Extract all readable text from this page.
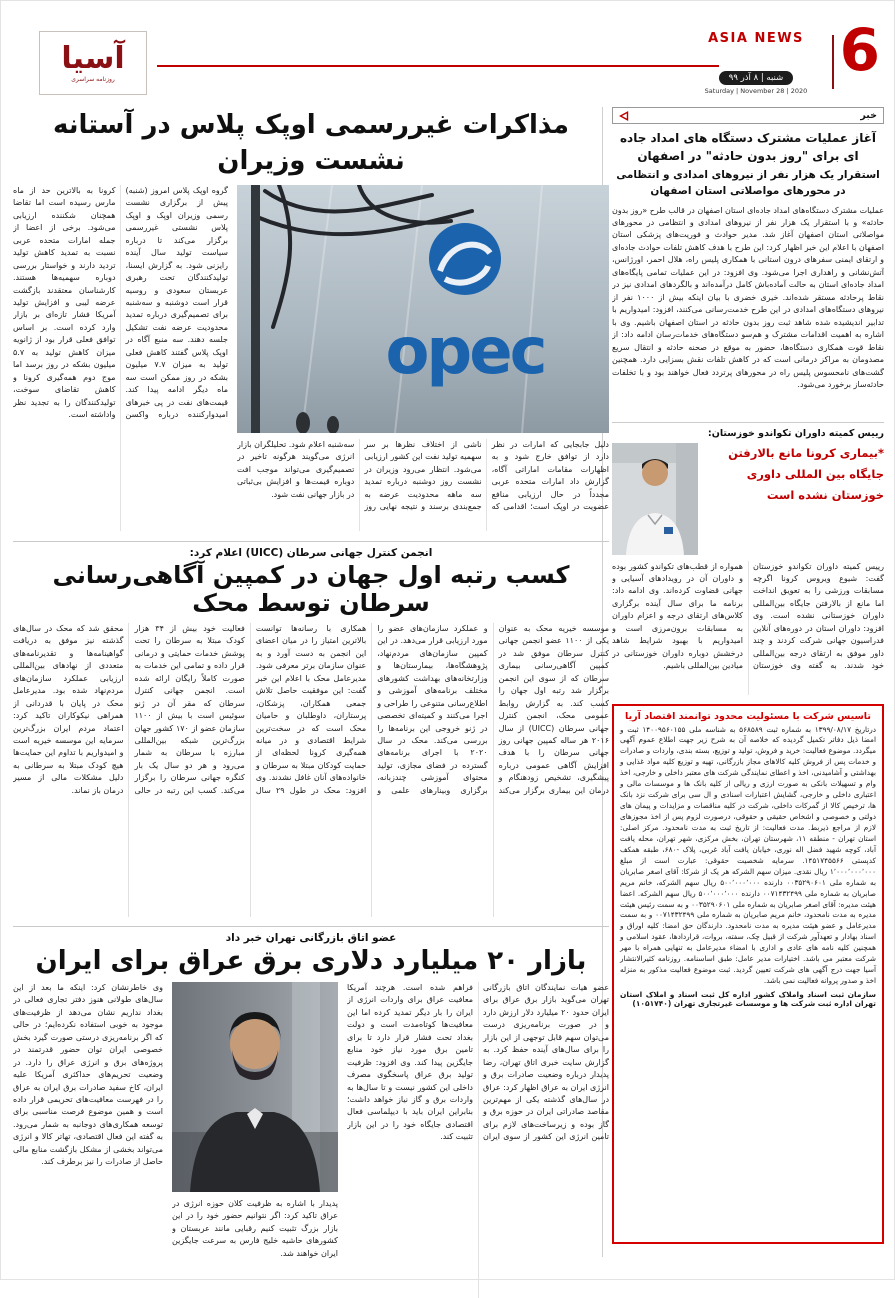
آسیا
روزنامه سراسری
ASIA NEWS

شنبه | ۸ آذر ۹۹
Saturday | November 28 | 2020
6
خبر
آغاز عملیات مشترک دستگاه های امداد جاده ای برای "روز بدون حادثه" در اصفهان
استقرار یک هزار نفر از نیروهای امدادی و انتظامی در محورهای مواصلاتی استان اصفهان

عملیات مشترک دستگاه‌های امداد جاده‌ای استان اصفهان در قالب طرح «روز بدون حادثه» و با استقرار یک هزار نفر از نیروهای امدادی و انتظامی در محورهای مواصلاتی استان اصفهان آغاز شد. مدیر حوادث و فوریت‌های پزشکی استان اصفهان با اعلام این خبر اظهار کرد: این طرح با هدف کاهش تلفات حوادث جاده‌ای و ارتقای ایمنی سفرهای درون استانی با همکاری پلیس راه، هلال احمر، اورژانس، آتش‌نشانی و راهداری اجرا می‌شود. وی افزود: در این عملیات تمامی پایگاه‌های امداد جاده‌ای استان به حالت آماده‌باش کامل درآمده‌اند و بالگردهای امدادی نیز در نقاط پرحادثه مستقر شده‌اند. خیری خضری با بیان اینکه بیش از ۱۰۰۰ نفر از نیروهای دستگاه‌های امدادی در این طرح خدمت‌رسانی می‌کنند، افزود: امیدواریم با تدابیر اندیشیده شده شاهد ثبت روز بدون حادثه در استان اصفهان باشیم. وی با اشاره به اهمیت اقدامات مشترک و هم‌سو دستگاه‌های خدمات‌رسان ادامه داد: از نقاط قوت همکاری دستگاه‌ها، حضور به موقع در صحنه حادثه و انتقال سریع مصدومان به مراکز درمانی است که در کاهش تلفات نقش بسزایی دارد. همچنین گشت‌های نامحسوس پلیس راه در محورهای پرتردد فعال خواهند بود و با تخلفات حادثه‌ساز برخورد می‌شود.

رییس کمیته داوران تکواندو خوزستان:
*بیماری کرونا مانع بالارفتن جایگاه بین المللی داوری خوزستان نشده است

رییس کمیته داوران تکواندو خوزستان گفت: شیوع ویروس کرونا اگرچه مسابقات ورزشی را به تعویق انداخت اما مانع از بالارفتن جایگاه بین‌المللی داوران خوزستانی نشده است. وی افزود: داوران استان در دوره‌های آنلاین فدراسیون جهانی شرکت کردند و چند داور موفق به ارتقای درجه بین‌المللی خود شدند. به گفته وی خوزستان همواره از قطب‌های تکواندو کشور بوده و داوران آن در رویدادهای آسیایی و جهانی قضاوت کرده‌اند. وی ادامه داد: برنامه ما برای سال آینده برگزاری کلاس‌های ارتقای درجه و اعزام داوران به مسابقات برون‌مرزی است و امیدواریم با بهبود شرایط شاهد درخشش دوباره داوران خوزستانی در میادین بین‌المللی باشیم.

تاسیس شرکت با مسئولیت محدود توانمند اقتصاد آریا

درتاریخ ۱۳۹۹/۰۸/۱۷ به شماره ثبت ۵۶۸۵۸۹ به شناسه ملی ۱۴۰۰۹۵۶۰۱۵۵ ثبت و امضا ذیل دفاتر تکمیل گردیده که خلاصه آن به شرح زیر جهت اطلاع عموم آگهی میگردد. موضوع فعالیت: خرید و فروش، تولید و توزیع، بسته بندی، واردات و صادرات و خدمات پس از فروش کلیه کالاهای مجاز بازرگانی، تهیه و توزیع کلیه مواد غذایی و بهداشتی و آشامیدنی، اخذ و اعطای نمایندگی شرکت های معتبر داخلی و خارجی، اخذ وام و تسهیلات بانکی به صورت ارزی و ریالی از کلیه بانک ها و موسسات مالی و اعتباری داخلی و خارجی، گشایش اعتبارات اسنادی و ال سی برای شرکت نزد بانک ها، ترخیص کالا از گمرکات داخلی، شرکت در کلیه مناقصات و مزایدات و پیمان های دولتی و خصوصی و اشخاص حقیقی و حقوقی، درصورت لزوم پس از اخذ مجوزهای لازم از مراجع ذیربط. مدت فعالیت: از تاریخ ثبت به مدت نامحدود. مرکز اصلی: استان تهران - منطقه ۱۱، شهرستان تهران، بخش مرکزی، شهر تهران، محله یافت آباد، کوچه شهید فضل اله نوری، خیابان یافت آباد غربی، پلاک -۶۸۰، طبقه همکف کدپستی ۱۴۵۱۷۴۵۵۶۶. سرمایه شخصیت حقوقی: عبارت است از مبلغ ۱٬۰۰۰٬۰۰۰٬۰۰۰ ریال نقدی. میزان سهم الشرکه هر یک از شرکا: آقای اصغر صابریان به شماره ملی ۰۰۳۵۲۹۰۶۰۱ دارنده ۵۰۰٬۰۰۰٬۰۰۰ ریال سهم الشرکه، خانم مریم صابریان به شماره ملی ۰۰۷۱۴۳۲۴۹۹ دارنده ۵۰۰٬۰۰۰٬۰۰۰ ریال سهم الشرکه. اعضا هیئت مدیره: آقای اصغر صابریان به شماره ملی ۰۰۳۵۲۹۰۶۰۱ و به سمت رئیس هیئت مدیره به مدت نامحدود، خانم مریم صابریان به شماره ملی ۰۰۷۱۴۳۲۴۹۹ و به سمت مدیرعامل و عضو هیئت مدیره به مدت نامحدود. دارندگان حق امضا: کلیه اوراق و اسناد بهادار و تعهدآور شرکت از قبیل چک، سفته، بروات، قراردادها، عقود اسلامی و همچنین کلیه نامه های عادی و اداری با امضاء مدیرعامل به تنهایی همراه با مهر شرکت معتبر می باشد. اختیارات مدیر عامل: طبق اساسنامه. روزنامه کثیرالانتشار آسیا جهت درج آگهی های شرکت تعیین گردید. ثبت موضوع فعالیت مذکور به منزله اخذ و صدور پروانه فعالیت نمی باشد.

سازمان ثبت اسناد واملاک کشور اداره کل ثبت اسناد و املاک استان تهران اداره ثبت شرکت ها و موسسات غیرتجاری تهران (۱۰۵۱۷۴۰)

مذاکرات غیررسمی اوپک پلاس در آستانه نشست وزیران
opec

دلیل جابجایی که امارات در نظر دارد از توافق خارج شود و به اظهارات مقامات اماراتی آگاه، گزارش داد امارات متحده عربی مجدداً در حال ارزیابی منافع عضویت در اوپک است؛ اقدامی که ناشی از اختلاف نظرها بر سر سهمیه تولید نفت این کشور ارزیابی می‌شود. انتظار می‌رود وزیران در نشست روز دوشنبه درباره تمدید سه ماهه محدودیت عرضه به جمع‌بندی برسند و نتیجه نهایی روز سه‌شنبه اعلام شود. تحلیلگران بازار انرژی می‌گویند هرگونه تاخیر در تصمیم‌گیری می‌تواند موجب افت دوباره قیمت‌ها و افزایش بی‌ثباتی در بازار جهانی نفت شود.

گروه اوپک پلاس امروز (شنبه) پیش از برگزاری نشست رسمی وزیران اوپک و اوپک پلاس نشستی غیررسمی برگزار می‌کند تا درباره سیاست تولید سال آینده رایزنی شود. به گزارش ایسنا، تولیدکنندگان تحت رهبری عربستان سعودی و روسیه قرار است دوشنبه و سه‌شنبه برای تصمیم‌گیری درباره تمدید محدودیت عرضه نفت تشکیل جلسه دهند. سه منبع آگاه در اوپک پلاس گفتند کاهش فعلی تولید به میزان ۷.۷ میلیون بشکه در روز ممکن است سه ماه دیگر ادامه پیدا کند. قیمت‌های نفت در پی خبرهای امیدوارکننده درباره واکسن کرونا به بالاترین حد از ماه مارس رسیده است اما تقاضا همچنان شکننده ارزیابی می‌شود. برخی از اعضا از جمله امارات متحده عربی نسبت به تمدید کاهش تولید تردید دارند و خواستار بررسی دوباره سهمیه‌ها هستند. کارشناسان معتقدند بازگشت عرضه لیبی و افزایش تولید آمریکا فشار تازه‌ای بر بازار وارد کرده است. بر اساس توافق فعلی قرار بود از ژانویه میزان کاهش تولید به ۵.۷ میلیون بشکه در روز برسد اما موج دوم همه‌گیری کرونا و کاهش تقاضای سوخت، تولیدکنندگان را به تجدید نظر واداشته است.

انجمن کنترل جهانی سرطان (UICC) اعلام کرد:
کسب رتبه اول جهان در کمپین آگاهی‌رسانی سرطان توسط محک

موسسه خیریه محک به عنوان یکی از ۱۱۰۰ عضو انجمن جهانی کنترل سرطان موفق شد در کمپین آگاهی‌رسانی بیماری سرطان که از سوی این انجمن برگزار شد رتبه اول جهان را کسب کند. به گزارش روابط عمومی محک، انجمن کنترل جهانی سرطان (UICC) از سال ۲۰۱۶ هر ساله کمپین جهانی روز جهانی سرطان را با هدف افزایش آگاهی عمومی درباره پیشگیری، تشخیص زودهنگام و درمان این بیماری برگزار می‌کند و عملکرد سازمان‌های عضو را مورد ارزیابی قرار می‌دهد. در این کمپین سازمان‌های مردم‌نهاد، پژوهشگاه‌ها، بیمارستان‌ها و وزارتخانه‌های بهداشت کشورهای مختلف برنامه‌های آموزشی و اطلاع‌رسانی متنوعی را طراحی و اجرا می‌کنند و کمیته‌ای تخصصی در ژنو خروجی این برنامه‌ها را بررسی می‌کند. محک در سال ۲۰۲۰ با اجرای برنامه‌های گسترده در فضای مجازی، تولید محتوای آموزشی چندزبانه، برگزاری وبینارهای علمی و همکاری با رسانه‌ها توانست بالاترین امتیاز را در میان اعضای این انجمن به دست آورد و به عنوان سازمان برتر معرفی شود. مدیرعامل محک با اعلام این خبر گفت: این موفقیت حاصل تلاش جمعی همکاران، پزشکان، پرستاران، داوطلبان و حامیان محک است که در سخت‌ترین شرایط اقتصادی و در میانه همه‌گیری کرونا لحظه‌ای از حمایت کودکان مبتلا به سرطان و خانواده‌های آنان غافل نشدند. وی افزود: محک در طول ۲۹ سال فعالیت خود بیش از ۳۴ هزار کودک مبتلا به سرطان را تحت پوشش خدمات حمایتی و درمانی قرار داده و تمامی این خدمات به صورت کاملاً رایگان ارائه شده است. انجمن جهانی کنترل سرطان که مقر آن در ژنو سوئیس است با بیش از ۱۱۰۰ سازمان عضو از ۱۷۰ کشور جهان بزرگ‌ترین شبکه بین‌المللی مبارزه با سرطان به شمار می‌رود و هر دو سال یک بار کنگره جهانی سرطان را برگزار می‌کند. کسب این رتبه در حالی محقق شد که محک در سال‌های گذشته نیز موفق به دریافت گواهینامه‌ها و تقدیرنامه‌های متعددی از نهادهای بین‌المللی ارزیابی عملکرد سازمان‌های مردم‌نهاد شده بود. مدیرعامل محک در پایان با قدردانی از همراهی نیکوکاران تاکید کرد: اعتماد مردم ایران بزرگ‌ترین سرمایه این موسسه خیریه است و امیدواریم با تداوم این حمایت‌ها هیچ کودک مبتلا به سرطانی به دلیل مشکلات مالی از مسیر درمان باز نماند.

عضو اتاق بازرگانی تهران خبر داد
بازار ۲۰ میلیارد دلاری برق عراق برای ایران

عضو هیات نمایندگان اتاق بازرگانی تهران می‌گوید بازار برق عراق برای ایران حدود ۲۰ میلیارد دلار ارزش دارد و در صورت برنامه‌ریزی درست می‌توان سهم قابل توجهی از این بازار را برای سال‌های آینده حفظ کرد. به گزارش سایت خبری اتاق تهران، رضا پدیدار درباره وضعیت صادرات برق و انرژی ایران به عراق اظهار کرد: عراق در سال‌های گذشته یکی از مهم‌ترین مقاصد صادراتی ایران در حوزه برق و گاز بوده و زیرساخت‌های لازم برای تامین انرژی این کشور از سوی ایران فراهم شده است. هرچند آمریکا معافیت عراق برای واردات انرژی از ایران را بار دیگر تمدید کرده اما این معافیت‌ها کوتاه‌مدت است و دولت بغداد تحت فشار قرار دارد تا برای تامین برق مورد نیاز خود منابع جایگزین پیدا کند. وی افزود: ظرفیت تولید برق عراق پاسخگوی مصرف داخلی این کشور نیست و تا سال‌ها به واردات برق و گاز نیاز خواهد داشت؛ بنابراین ایران باید با دیپلماسی فعال اقتصادی جایگاه خود را در این بازار تثبیت کند.

پدیدار با اشاره به ظرفیت کلان حوزه انرژی در عراق تاکید کرد: اگر نتوانیم حضور خود را در این بازار بزرگ تثبیت کنیم رقبایی مانند عربستان و کشورهای حاشیه خلیج فارس به سرعت جایگزین ایران خواهند شد.

وی خاطرنشان کرد: اینکه ما بعد از این سال‌های طولانی هنوز دفتر تجاری فعالی در بغداد نداریم نشان می‌دهد از ظرفیت‌های موجود به خوبی استفاده نکرده‌ایم؛ در حالی که اگر برنامه‌ریزی درستی صورت گیرد بخش خصوصی ایران توان حضور قدرتمند در پروژه‌های برق و انرژی عراق را دارد. در وضعیت تحریم‌های حداکثری آمریکا علیه ایران، کاخ سفید صادرات برق ایران به عراق را در فهرست معافیت‌های تحریمی قرار داده است و همین موضوع فرصت مناسبی برای توسعه همکاری‌های دوجانبه به شمار می‌رود. به گفته این فعال اقتصادی، تهاتر کالا و انرژی می‌تواند بخشی از مشکل بازگشت منابع مالی حاصل از صادرات را نیز برطرف کند.
